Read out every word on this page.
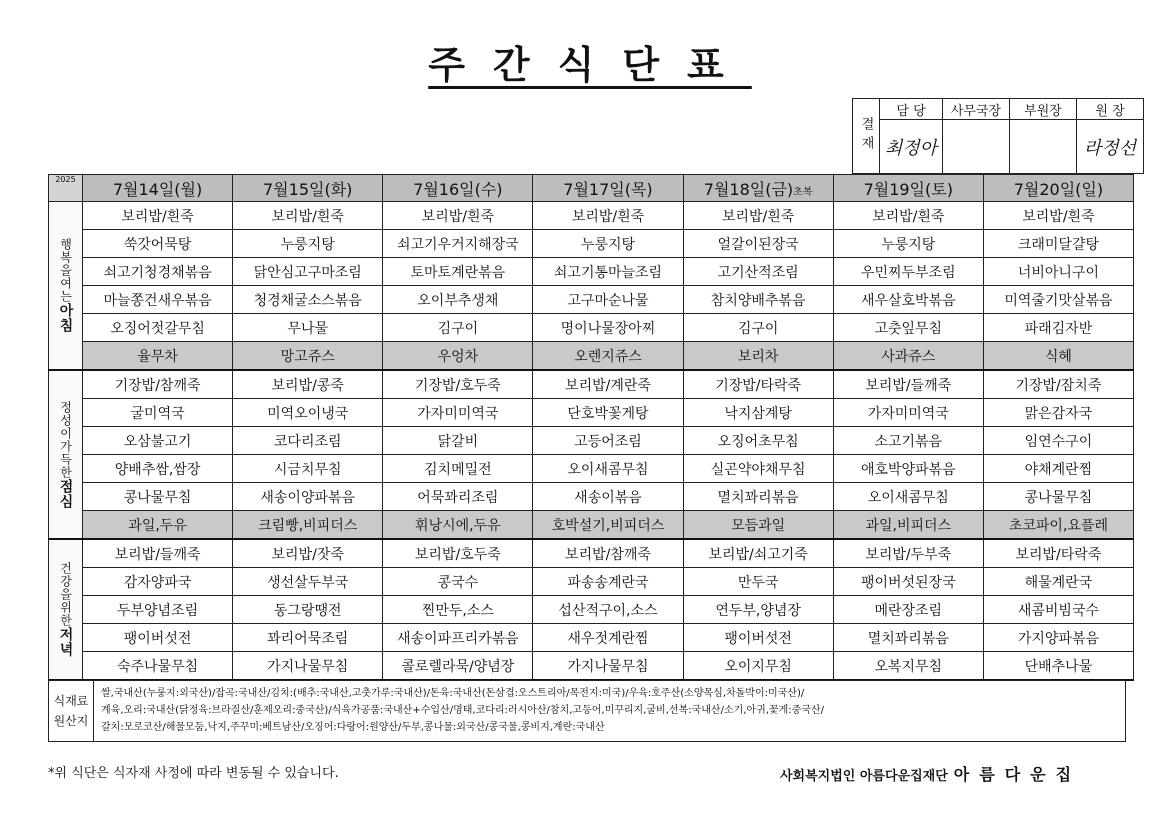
주간식단표
결재	담 당	사무국장	부원장	원 장
	최정아			라정선
2025	7월14일(월)	7월15일(화)	7월16일(수)	7월17일(목)	7월18일(금)초복	7월19일(토)	7월20일(일)
행복을여는아침	보리밥/흰죽	보리밥/흰죽	보리밥/흰죽	보리밥/흰죽	보리밥/흰죽	보리밥/흰죽	보리밥/흰죽
	쑥갓어묵탕	누룽지탕	쇠고기우거지해장국	누룽지탕	얼갈이된장국	누룽지탕	크래미달걀탕
	쇠고기청경채볶음	닭안심고구마조림	토마토계란볶음	쇠고기통마늘조림	고기산적조림	우민찌두부조림	너비아니구이
	마늘쫑건새우볶음	청경채굴소스볶음	오이부추생채	고구마순나물	참치양배추볶음	새우살호박볶음	미역줄기맛살볶음
	오징어젓갈무침	무나물	김구이	명이나물장아찌	김구이	고춧잎무침	파래김자반
	율무차	망고쥬스	우엉차	오렌지쥬스	보리차	사과쥬스	식혜
정성이가득한점심	기장밥/참깨죽	보리밥/콩죽	기장밥/호두죽	보리밥/계란죽	기장밥/타락죽	보리밥/들깨죽	기장밥/잠치죽
	굴미역국	미역오이냉국	가자미미역국	단호박꽃게탕	낙지삼계탕	가자미미역국	맑은감자국
	오삼불고기	코다리조림	닭갈비	고등어조림	오징어초무침	소고기볶음	임연수구이
	양배추쌈,쌈장	시금치무침	김치메밀전	오이새콤무침	실곤약야채무침	애호박양파볶음	야채계란찜
	콩나물무침	새송이양파볶음	어묵꽈리조림	새송이볶음	멸치꽈리볶음	오이새콤무침	콩나물무침
	과일,두유	크림빵,비피더스	휘낭시에,두유	호박설기,비피더스	모듬과일	과일,비피더스	초코파이,요플레
건강을위한저녁	보리밥/들깨죽	보리밥/잣죽	보리밥/호두죽	보리밥/참깨죽	보리밥/쇠고기죽	보리밥/두부죽	보리밥/타락죽
	감자양파국	생선살두부국	콩국수	파송송계란국	만두국	팽이버섯된장국	해물계란국
	두부양념조림	동그랑땡전	찐만두,소스	섭산적구이,소스	연두부,양념장	메란장조림	새콤비빔국수
	팽이버섯전	꽈리어묵조림	새송이파프리카볶음	새우젓계란찜	팽이버섯전	멸치꽈리볶음	가지양파볶음
	숙주나물무침	가지나물무침	콜로렐라묵/양념장	가지나물무침	오이지무침	오복지무침	단배추나물
식재료
원산지
쌀,국내산(누룽지:외국산)/잡곡:국내산/김치:(배추:국내산,고춧가루:국내산)/돈육:국내산(돈삼겹:오스트리아/목전지:미국)/우육:호주산(소양목심,차돌박이:미국산)/
계육,오리:국내산(닭정육:브라질산/훈제오리:중국산)/식육가공품:국내산+수입산/명태,코다리:러시아산/참치,고등어,미꾸리지,굴비,선복:국내산/소기,아귀,꽃게:중국산/
갈치:모로코산/해물모둠,낙지,주꾸미:베트남산/오징어:다랑어:원양산/두부,콩나물:외국산/콩국물,콩비지,계란:국내산
*위 식단은 식자재 사정에 따라 변동될 수 있습니다.	사회복지법인 아름다운집재단 아름다운집
